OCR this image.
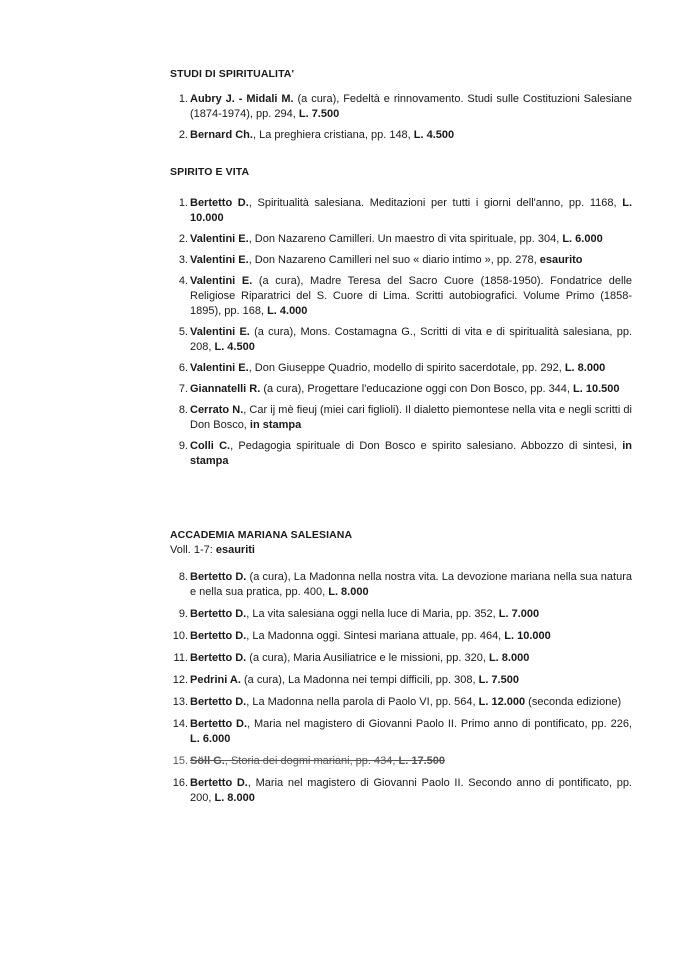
STUDI DI SPIRITUALITA'
1. Aubry J. - Midali M. (a cura), Fedeltà e rinnovamento. Studi sulle Costituzioni Salesiane (1874-1974), pp. 294, L. 7.500
2. Bernard Ch., La preghiera cristiana, pp. 148, L. 4.500
SPIRITO E VITA
1. Bertetto D., Spiritualità salesiana. Meditazioni per tutti i giorni dell'anno, pp. 1168, L. 10.000
2. Valentini E., Don Nazareno Camilleri. Un maestro di vita spirituale, pp. 304, L. 6.000
3. Valentini E., Don Nazareno Camilleri nel suo « diario intimo », pp. 278, esaurito
4. Valentini E. (a cura), Madre Teresa del Sacro Cuore (1858-1950). Fondatrice delle Religiose Riparatrici del S. Cuore di Lima. Scritti autobiografici. Volume Primo (1858-1895), pp. 168, L. 4.000
5. Valentini E. (a cura), Mons. Costamagna G., Scritti di vita e di spiritualità salesiana, pp. 208, L. 4.500
6. Valentini E., Don Giuseppe Quadrio, modello di spirito sacerdotale, pp. 292, L. 8.000
7. Giannatelli R. (a cura), Progettare l'educazione oggi con Don Bosco, pp. 344, L. 10.500
8. Cerrato N., Car ij mè fieuj (miei cari figlioli). Il dialetto piemontese nella vita e negli scritti di Don Bosco, in stampa
9. Colli C., Pedagogia spirituale di Don Bosco e spirito salesiano. Abbozzo di sintesi, in stampa
ACCADEMIA MARIANA SALESIANA

Voll. 1-7: esauriti

8. Bertetto D. (a cura), La Madonna nella nostra vita. La devozione mariana nella sua natura e nella sua pratica, pp. 400, L. 8.000
9. Bertetto D., La vita salesiana oggi nella luce di Maria, pp. 352, L. 7.000
10. Bertetto D., La Madonna oggi. Sintesi mariana attuale, pp. 464, L. 10.000
11. Bertetto D. (a cura), Maria Ausiliatrice e le missioni, pp. 320, L. 8.000
12. Pedrini A. (a cura), La Madonna nei tempi difficili, pp. 308, L. 7.500
13. Bertetto D., La Madonna nella parola di Paolo VI, pp. 564, L. 12.000 (seconda edizione)
14. Bertetto D., Maria nel magistero di Giovanni Paolo II. Primo anno di pontificato, pp. 226, L. 6.000
15. Söll G., Storia dei dogmi mariani, pp. 434, L. 17.500
16. Bertetto D., Maria nel magistero di Giovanni Paolo II. Secondo anno di pontificato, pp. 200, L. 8.000
